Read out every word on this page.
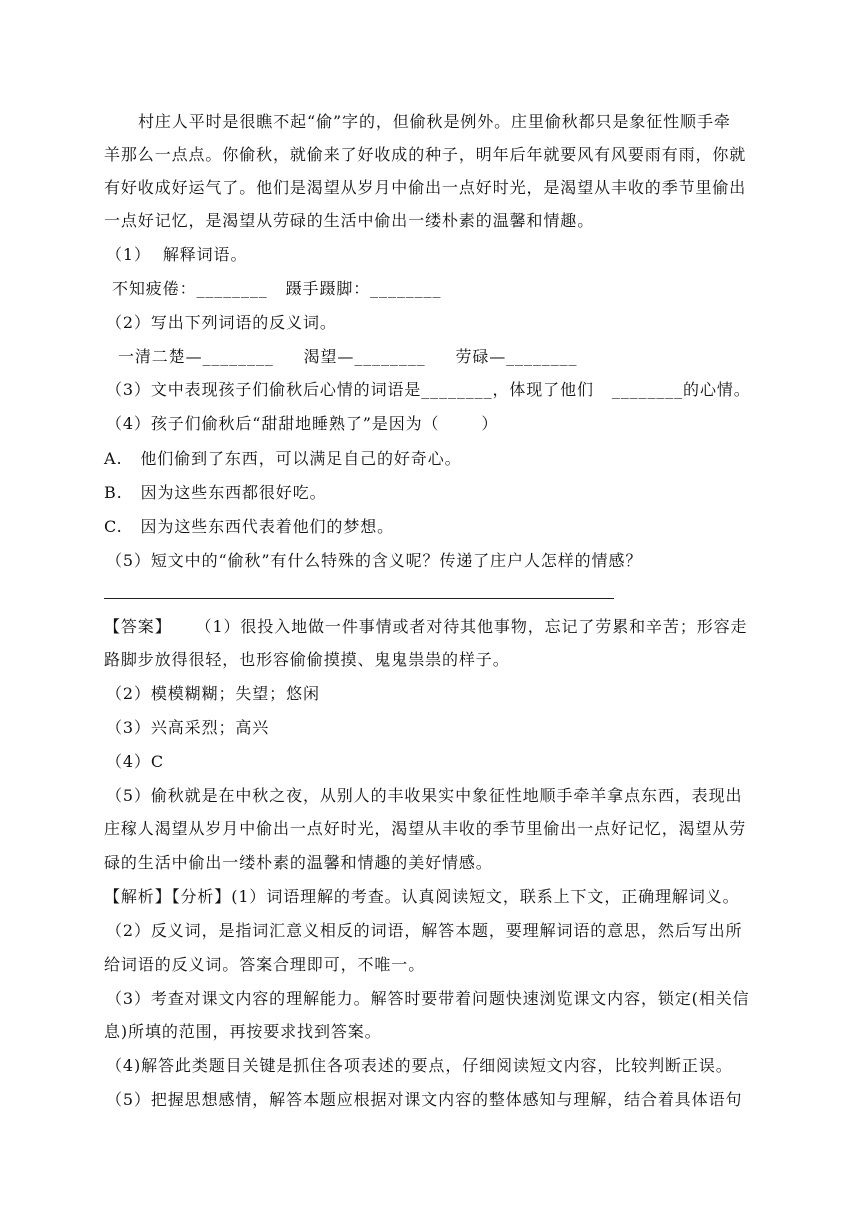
村庄人平时是很瞧不起“偷”字的，但偷秋是例外。庄里偷秋都只是象征性顺手牵
羊那么一点点。你偷秋，就偷来了好收成的种子，明年后年就要风有风要雨有雨，你就
有好收成好运气了。他们是渴望从岁月中偷出一点好时光，是渴望从丰收的季节里偷出
一点好记忆，是渴望从劳碌的生活中偷出一缕朴素的温馨和情趣。
（1）  解释词语。
不知疲倦：________   蹑手蹑脚：________
（2）写出下列词语的反义词。
一清二楚—________     渴望—________     劳碌—________
（3）文中表现孩子们偷秋后心情的词语是________，体现了他们   ________的心情。
（4）孩子们偷秋后“甜甜地睡熟了”是因为（       ）
A.   他们偷到了东西，可以满足自己的好奇心。
B.   因为这些东西都很好吃。
C.   因为这些东西代表着他们的梦想。
（5）短文中的“偷秋”有什么特殊的含义呢？传递了庄户人怎样的情感？
【答案】    （1）很投入地做一件事情或者对待其他事物，忘记了劳累和辛苦；形容走
路脚步放得很轻，也形容偷偷摸摸、鬼鬼祟祟的样子。
（2）模模糊糊；失望；悠闲
（3）兴高采烈；高兴
（4）C
（5）偷秋就是在中秋之夜，从别人的丰收果实中象征性地顺手牵羊拿点东西，表现出
庄稼人渴望从岁月中偷出一点好时光，渴望从丰收的季节里偷出一点好记忆，渴望从劳
碌的生活中偷出一缕朴素的温馨和情趣的美好情感。
【解析】【分析】(1）词语理解的考查。认真阅读短文，联系上下文，正确理解词义。
（2）反义词，是指词汇意义相反的词语，解答本题，要理解词语的意思，然后写出所
给词语的反义词。答案合理即可，不唯一。
（3）考查对课文内容的理解能力。解答时要带着问题快速浏览课文内容，锁定(相关信
息)所填的范围，再按要求找到答案。
（4)解答此类题目关键是抓住各项表述的要点，仔细阅读短文内容，比较判断正误。
（5）把握思想感情，解答本题应根据对课文内容的整体感知与理解，结合着具体语句
